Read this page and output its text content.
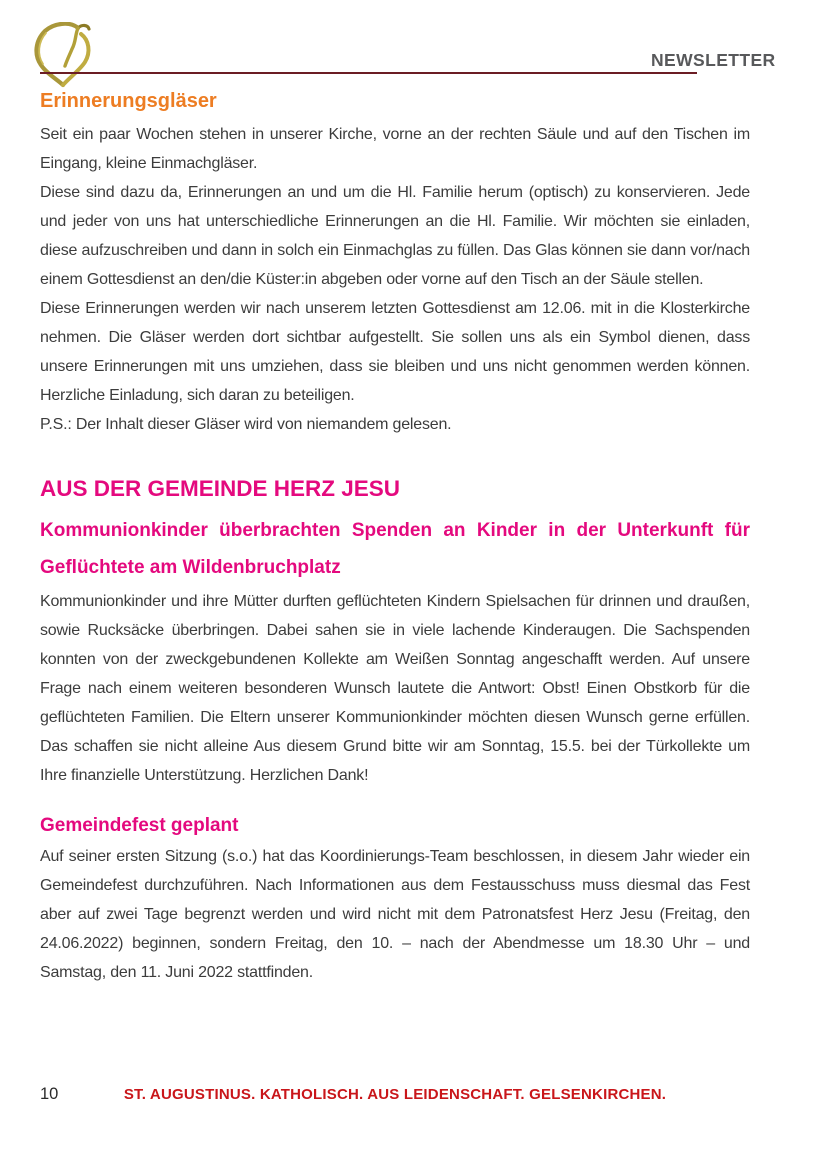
NEWSLETTER
Erinnerungsgläser

Seit ein paar Wochen stehen in unserer Kirche, vorne an der rechten Säule und auf den Tischen im Eingang, kleine Einmachgläser.

Diese sind dazu da, Erinnerungen an und um die Hl. Familie herum (optisch) zu konservieren. Jede und jeder von uns hat unterschiedliche Erinnerungen an die Hl. Familie. Wir möchten sie einladen, diese aufzuschreiben und dann in solch ein Einmachglas zu füllen. Das Glas können sie dann vor/nach einem Gottesdienst an den/die Küster:in abgeben oder vorne auf den Tisch an der Säule stellen.

Diese Erinnerungen werden wir nach unserem letzten Gottesdienst am 12.06. mit in die Klosterkirche nehmen. Die Gläser werden dort sichtbar aufgestellt. Sie sollen uns als ein Symbol dienen, dass unsere Erinnerungen mit uns umziehen, dass sie bleiben und uns nicht genommen werden können. Herzliche Einladung, sich daran zu beteiligen.

P.S.: Der Inhalt dieser Gläser wird von niemandem gelesen.

AUS DER GEMEINDE HERZ JESU
Kommunionkinder überbrachten Spenden an Kinder in der Unterkunft für Geflüchtete am Wildenbruchplatz

Kommunionkinder und ihre Mütter durften geflüchteten Kindern Spielsachen für drinnen und draußen, sowie Rucksäcke überbringen. Dabei sahen sie in viele lachende Kinderaugen. Die Sachspenden konnten von der zweckgebundenen Kollekte am Weißen Sonntag angeschafft werden. Auf unsere Frage nach einem weiteren besonderen Wunsch lautete die Antwort: Obst! Einen Obstkorb für die geflüchteten Familien. Die Eltern unserer Kommunionkinder möchten diesen Wunsch gerne erfüllen. Das schaffen sie nicht alleine Aus diesem Grund bitte wir am Sonntag, 15.5. bei der Türkollekte um Ihre finanzielle Unterstützung. Herzlichen Dank!

Gemeindefest geplant

Auf seiner ersten Sitzung (s.o.) hat das Koordinierungs-Team beschlossen, in diesem Jahr wieder ein Gemeindefest durchzuführen. Nach Informationen aus dem Festausschuss muss diesmal das Fest aber auf zwei Tage begrenzt werden und wird nicht mit dem Patronatsfest Herz Jesu (Freitag, den 24.06.2022) beginnen, sondern Freitag, den 10. – nach der Abendmesse um 18.30 Uhr – und Samstag, den 11. Juni 2022 stattfinden.

10	ST. AUGUSTINUS. KATHOLISCH. AUS LEIDENSCHAFT. GELSENKIRCHEN.
